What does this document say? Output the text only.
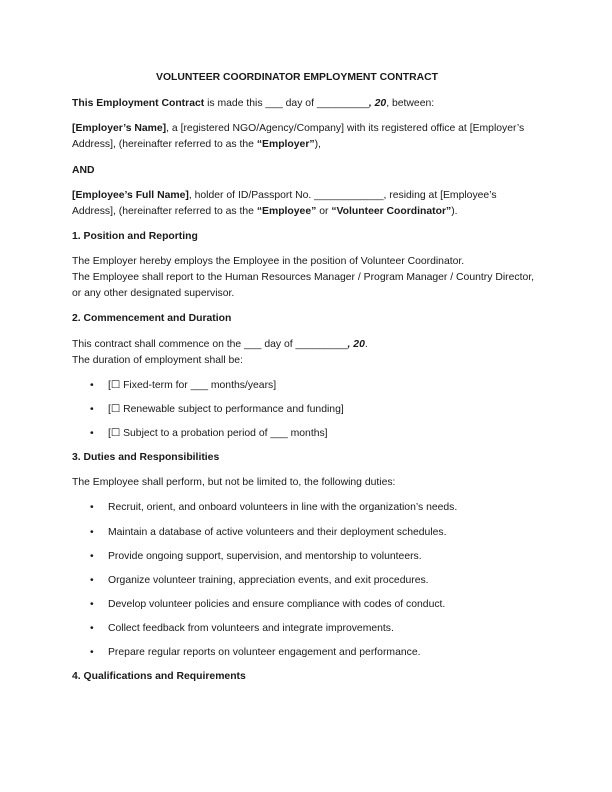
VOLUNTEER COORDINATOR EMPLOYMENT CONTRACT

This Employment Contract is made this ___ day of _________, 20, between:

[Employer’s Name], a [registered NGO/Agency/Company] with its registered office at [Employer’s Address], (hereinafter referred to as the “Employer”),

AND

[Employee’s Full Name], holder of ID/Passport No. ____________, residing at [Employee’s Address], (hereinafter referred to as the “Employee” or “Volunteer Coordinator”).

1. Position and Reporting

The Employer hereby employs the Employee in the position of Volunteer Coordinator.
The Employee shall report to the Human Resources Manager / Program Manager / Country Director, or any other designated supervisor.

2. Commencement and Duration

This contract shall commence on the ___ day of _________, 20.
The duration of employment shall be:

• [☐ Fixed-term for ___ months/years]
• [☐ Renewable subject to performance and funding]
• [☐ Subject to a probation period of ___ months]

3. Duties and Responsibilities

The Employee shall perform, but not be limited to, the following duties:

• Recruit, orient, and onboard volunteers in line with the organization’s needs.
• Maintain a database of active volunteers and their deployment schedules.
• Provide ongoing support, supervision, and mentorship to volunteers.
• Organize volunteer training, appreciation events, and exit procedures.
• Develop volunteer policies and ensure compliance with codes of conduct.
• Collect feedback from volunteers and integrate improvements.
• Prepare regular reports on volunteer engagement and performance.

4. Qualifications and Requirements
